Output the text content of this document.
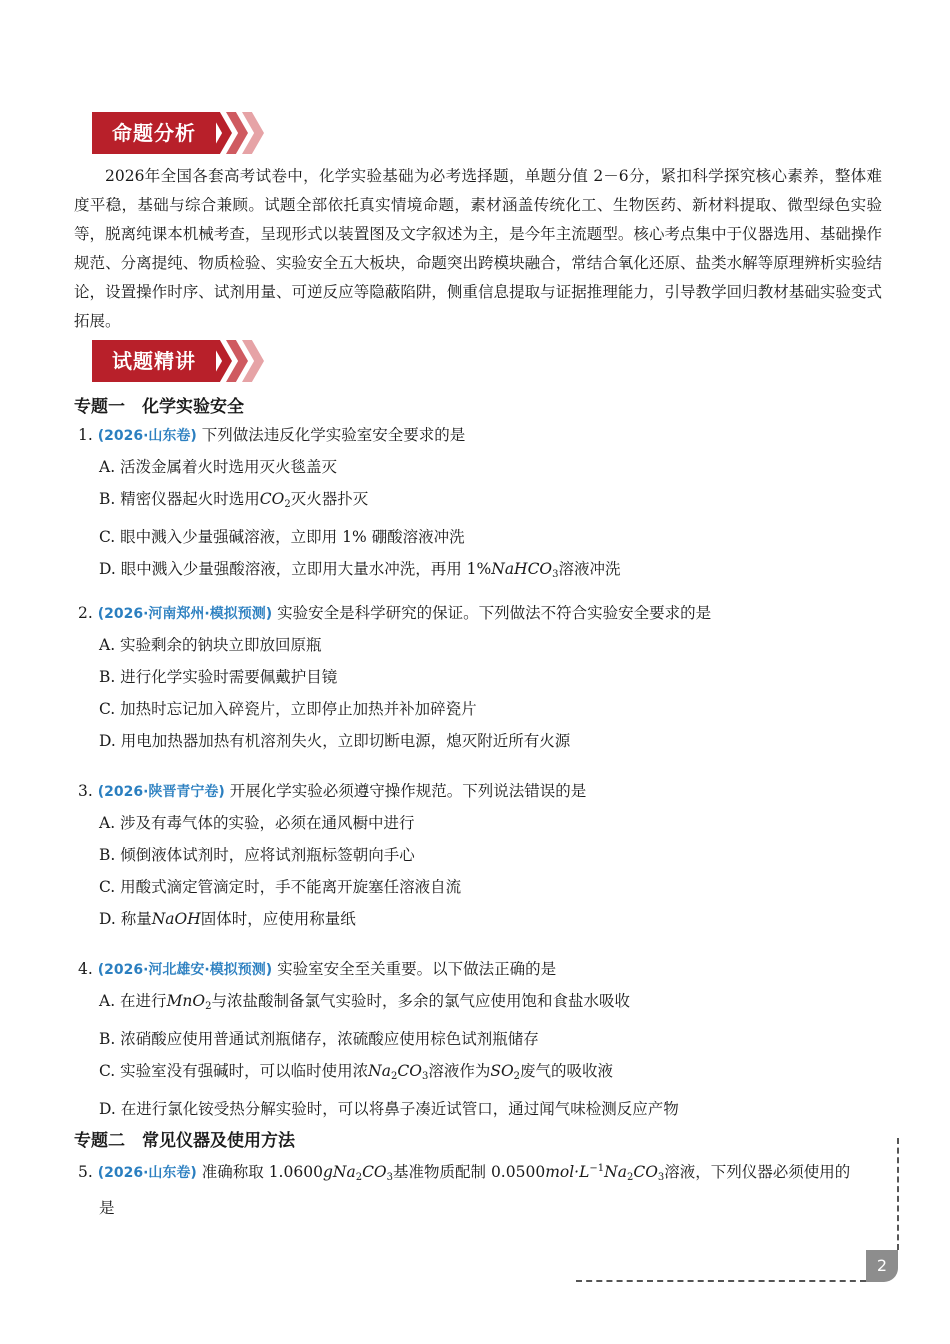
命题分析

2026年全国各套高考试卷中，化学实验基础为必考选择题，单题分值 2－6分，紧扣科学探究核心素养，整体难度平稳，基础与综合兼顾。试题全部依托真实情境命题，素材涵盖传统化工、生物医药、新材料提取、微型绿色实验等，脱离纯课本机械考查，呈现形式以装置图及文字叙述为主，是今年主流题型。核心考点集中于仪器选用、基础操作规范、分离提纯、物质检验、实验安全五大板块，命题突出跨模块融合，常结合氧化还原、盐类水解等原理辨析实验结论，设置操作时序、试剂用量、可逆反应等隐蔽陷阱，侧重信息提取与证据推理能力，引导教学回归教材基础实验变式拓展。

试题精讲

专题一　化学实验安全

1. (2026·山东卷) 下列做法违反化学实验室安全要求的是

A. 活泼金属着火时选用灭火毯盖灭

B. 精密仪器起火时选用$CO_2$灭火器扑灭

C. 眼中溅入少量强碱溶液，立即用 1% 硼酸溶液冲洗

D. 眼中溅入少量强酸溶液，立即用大量水冲洗，再用 1%NaHCO$_3$溶液冲洗

2. (2026·河南郑州·模拟预测) 实验安全是科学研究的保证。下列做法不符合实验安全要求的是

A. 实验剩余的钠块立即放回原瓶

B. 进行化学实验时需要佩戴护目镜

C. 加热时忘记加入碎瓷片，立即停止加热并补加碎瓷片

D. 用电加热器加热有机溶剂失火，立即切断电源，熄灭附近所有火源

3. (2026·陕晋青宁卷) 开展化学实验必须遵守操作规范。下列说法错误的是

A. 涉及有毒气体的实验，必须在通风橱中进行

B. 倾倒液体试剂时，应将试剂瓶标签朝向手心

C. 用酸式滴定管滴定时，手不能离开旋塞任溶液自流

D. 称量NaOH固体时，应使用称量纸

4. (2026·河北雄安·模拟预测) 实验室安全至关重要。以下做法正确的是

A. 在进行MnO$_2$与浓盐酸制备氯气实验时，多余的氯气应使用饱和食盐水吸收

B. 浓硝酸应使用普通试剂瓶储存，浓硫酸应使用棕色试剂瓶储存

C. 实验室没有强碱时，可以临时使用浓$Na_2CO_3$溶液作为$SO_2$废气的吸收液

D. 在进行氯化铵受热分解实验时，可以将鼻子凑近试管口，通过闻气味检测反应产物

专题二　常见仪器及使用方法

5. (2026·山东卷) 准确称取 $1.0600gNa_2CO_3$基准物质配制 $0.0500mol\cdot L^{-1}Na_2CO_3$溶液，下列仪器必须使用的

是

2
